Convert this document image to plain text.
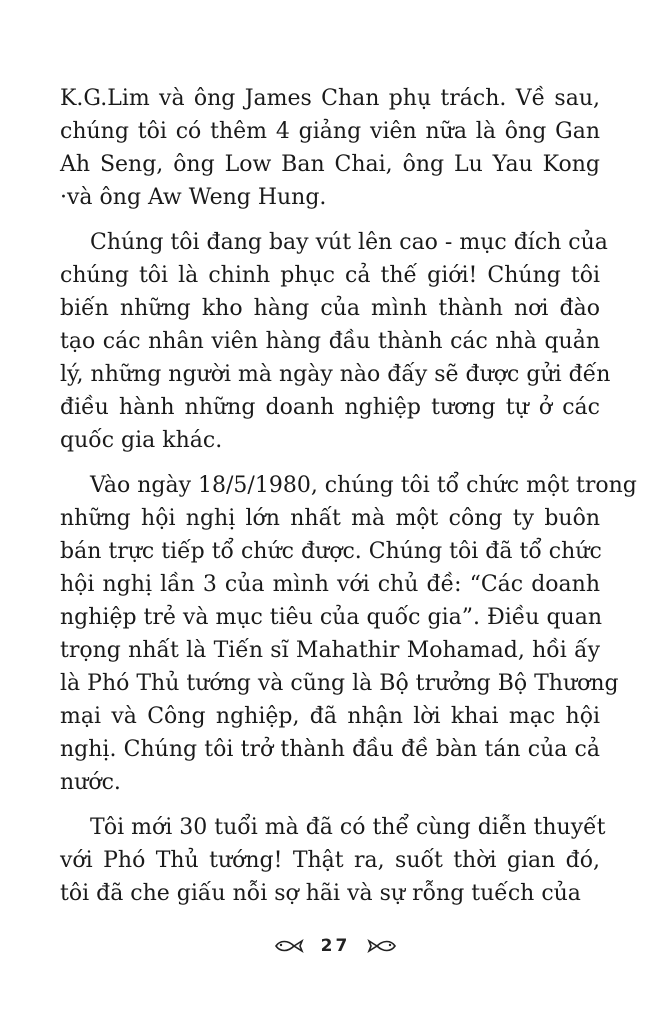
K.G.Lim và ông James Chan phụ trách. Về sau,
chúng tôi có thêm 4 giảng viên nữa là ông Gan
Ah Seng, ông Low Ban Chai, ông Lu Yau Kong
·và ông Aw Weng Hung.
Chúng tôi đang bay vút lên cao - mục đích của
chúng tôi là chinh phục cả thế giới! Chúng tôi
biến những kho hàng của mình thành nơi đào
tạo các nhân viên hàng đầu thành các nhà quản
lý, những người mà ngày nào đấy sẽ được gửi đến
điều hành những doanh nghiệp tương tự ở các
quốc gia khác.
Vào ngày 18/5/1980, chúng tôi tổ chức một trong
những hội nghị lớn nhất mà một công ty buôn
bán trực tiếp tổ chức được. Chúng tôi đã tổ chức
hội nghị lần 3 của mình với chủ đề: “Các doanh
nghiệp trẻ và mục tiêu của quốc gia”. Điều quan
trọng nhất là Tiến sĩ Mahathir Mohamad, hồi ấy
là Phó Thủ tướng và cũng là Bộ trưởng Bộ Thương
mại và Công nghiệp, đã nhận lời khai mạc hội
nghị. Chúng tôi trở thành đầu đề bàn tán của cả
nước.
Tôi mới 30 tuổi mà đã có thể cùng diễn thuyết
với Phó Thủ tướng! Thật ra, suốt thời gian đó,
tôi đã che giấu nỗi sợ hãi và sự rỗng tuếch của
27
